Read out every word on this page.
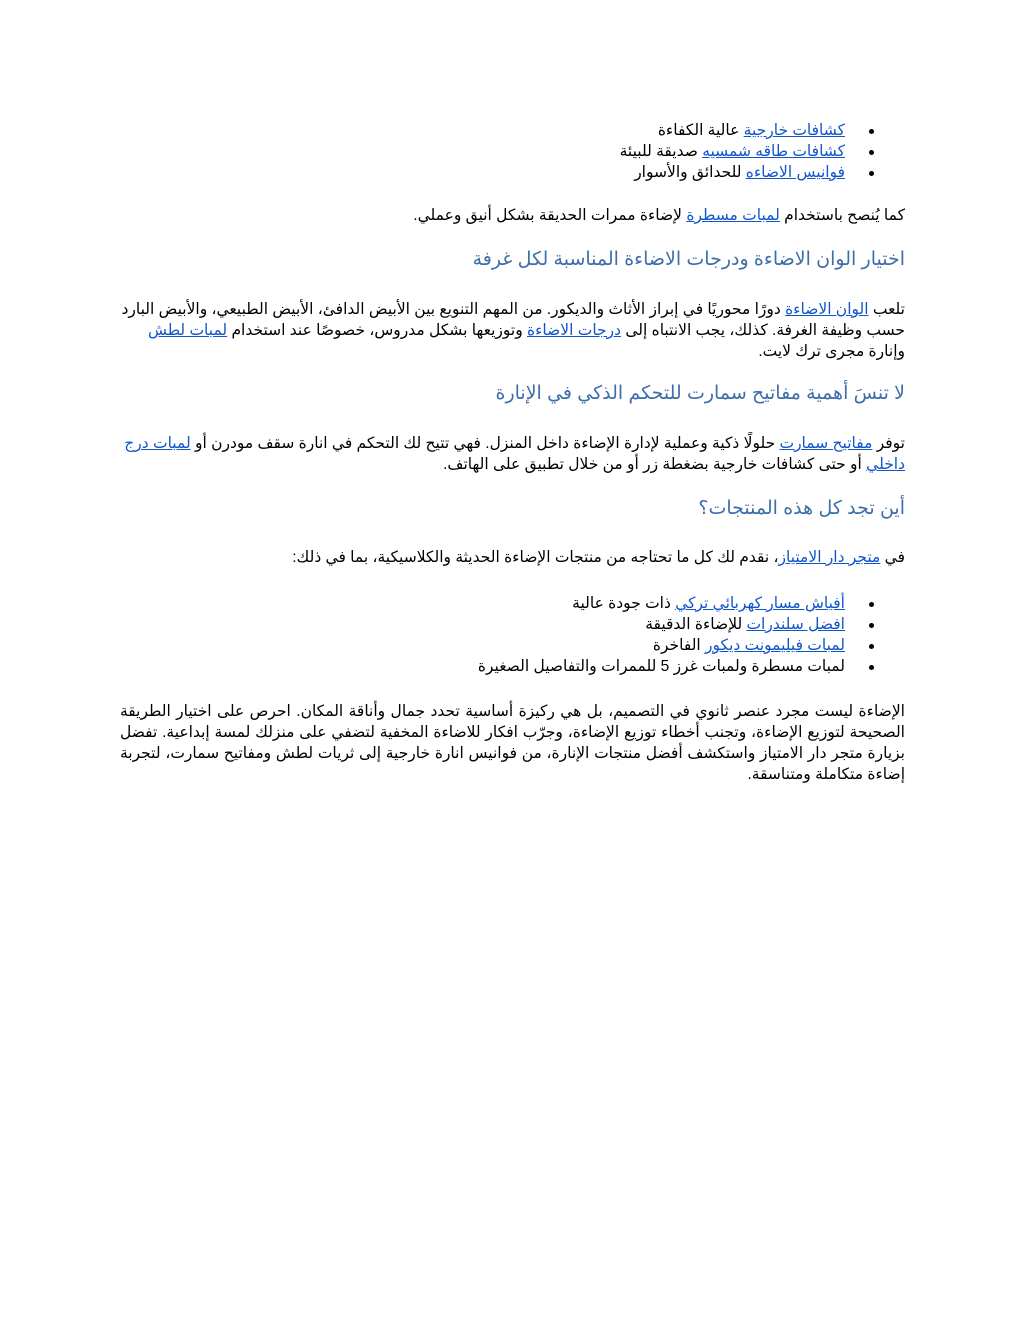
كشافات خارجية عالية الكفاءة
كشافات طاقه شمسيه صديقة للبيئة
فوانيس الاضاءه للحدائق والأسوار

كما يُنصح باستخدام لمبات مسطرة لإضاءة ممرات الحديقة بشكل أنيق وعملي.

اختيار الوان الاضاءة ودرجات الاضاءة المناسبة لكل غرفة

تلعب الوان الاضاءة دورًا محوريًا في إبراز الأثاث والديكور. من المهم التنويع بين الأبيض الدافئ، الأبيض الطبيعي، والأبيض البارد حسب وظيفة الغرفة. كذلك، يجب الانتباه إلى درجات الاضاءة وتوزيعها بشكل مدروس، خصوصًا عند استخدام لمبات لطش وإنارة مجرى ترك لايت.

لا تنسَ أهمية مفاتيح سمارت للتحكم الذكي في الإنارة

توفر مفاتيح سمارت حلولًا ذكية وعملية لإدارة الإضاءة داخل المنزل. فهي تتيح لك التحكم في انارة سقف مودرن أو لمبات درج داخلي أو حتى كشافات خارجية بضغطة زر أو من خلال تطبيق على الهاتف.

أين تجد كل هذه المنتجات؟

في متجر دار الامتياز، نقدم لك كل ما تحتاجه من منتجات الإضاءة الحديثة والكلاسيكية، بما في ذلك:

أفياش مسار كهربائي تركي ذات جودة عالية
افضل سلندرات للإضاءة الدقيقة
لمبات فيليمونت ديكور الفاخرة
لمبات مسطرة ولمبات غرز 5 للممرات والتفاصيل الصغيرة

الإضاءة ليست مجرد عنصر ثانوي في التصميم، بل هي ركيزة أساسية تحدد جمال وأناقة المكان. احرص على اختيار الطريقة الصحيحة لتوزيع الإضاءة، وتجنب أخطاء توزيع الإضاءة، وجرّب افكار للاضاءة المخفية لتضفي على منزلك لمسة إبداعية. تفضل بزيارة متجر دار الامتياز واستكشف أفضل منتجات الإنارة، من فوانيس انارة خارجية إلى ثريات لطش ومفاتيح سمارت، لتجربة إضاءة متكاملة ومتناسقة.
